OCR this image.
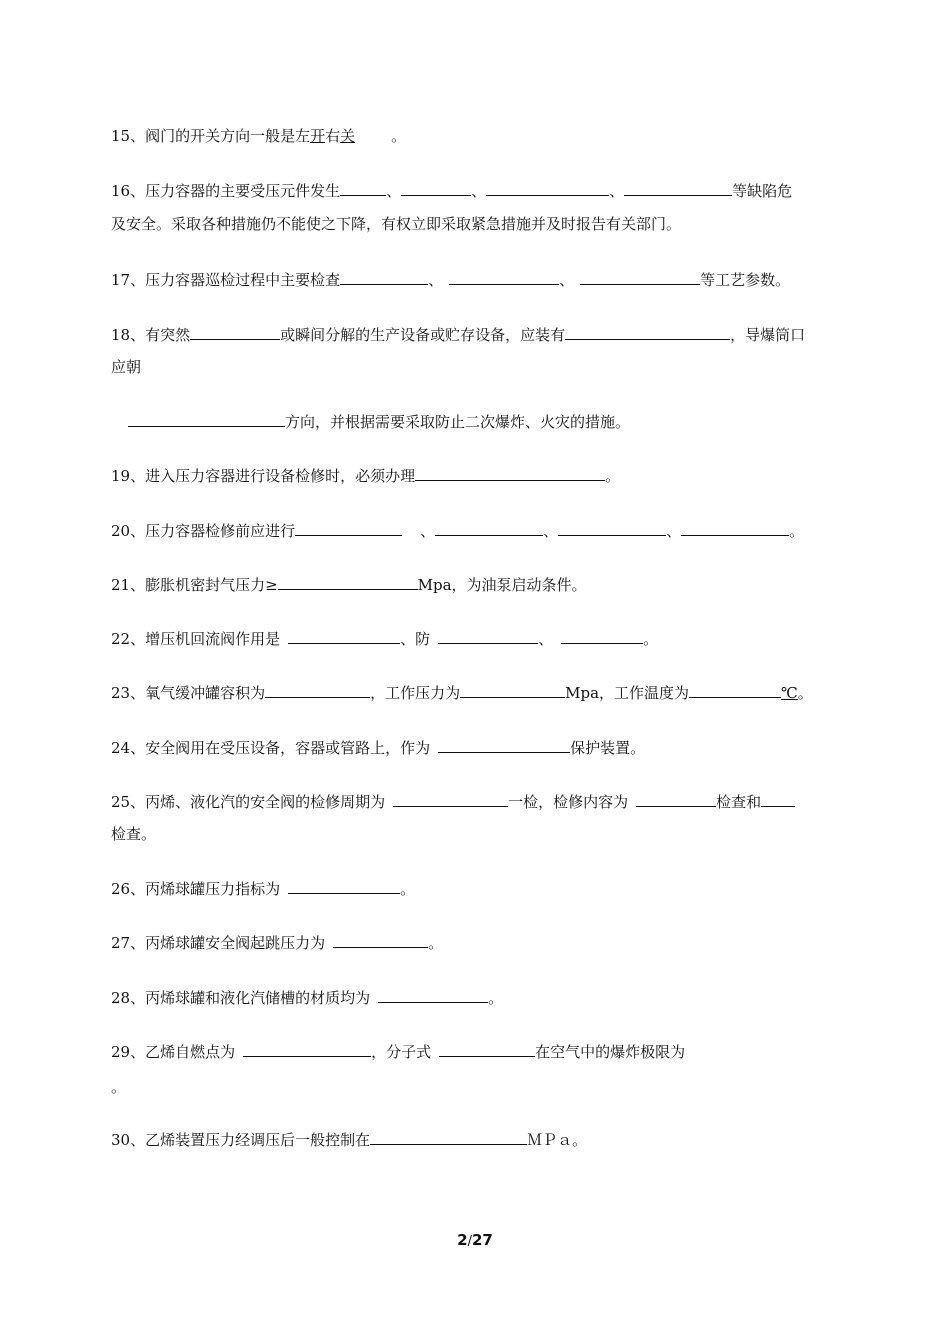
15、阀门的开关方向一般是左开右关 。
16、压力容器的主要受压元件发生	、	、	、	等缺陷危
及安全。采取各种措施仍不能使之下降，有权立即采取紧急措施并及时报告有关部门。
17、压力容器巡检过程中主要检查	、	、	等工艺参数。
18、有突然	或瞬间分解的生产设备或贮存设备，应装有	，导爆筒口
应朝
方向，并根据需要采取防止二次爆炸、火灾的措施。
19、进入压力容器进行设备检修时，必须办理	。
20、压力容器检修前应进行	、	、	、	。
21、膨胀机密封气压力≥	Mpa，为油泵启动条件。
22、增压机回流阀作用是	、防	、	。
23、氧气缓冲罐容积为	，工作压力为	Mpa，工作温度为	℃。
24、安全阀用在受压设备，容器或管路上，作为	保护装置。
25、丙烯、液化汽的安全阀的检修周期为	一检，检修内容为	检查和
检查。
26、丙烯球罐压力指标为	。
27、丙烯球罐安全阀起跳压力为	。
28、丙烯球罐和液化汽储槽的材质均为	。
29、乙烯自燃点为	，分子式	在空气中的爆炸极限为
。
30、乙烯装置压力经调压后一般控制在	ＭＰａ。
2/27
